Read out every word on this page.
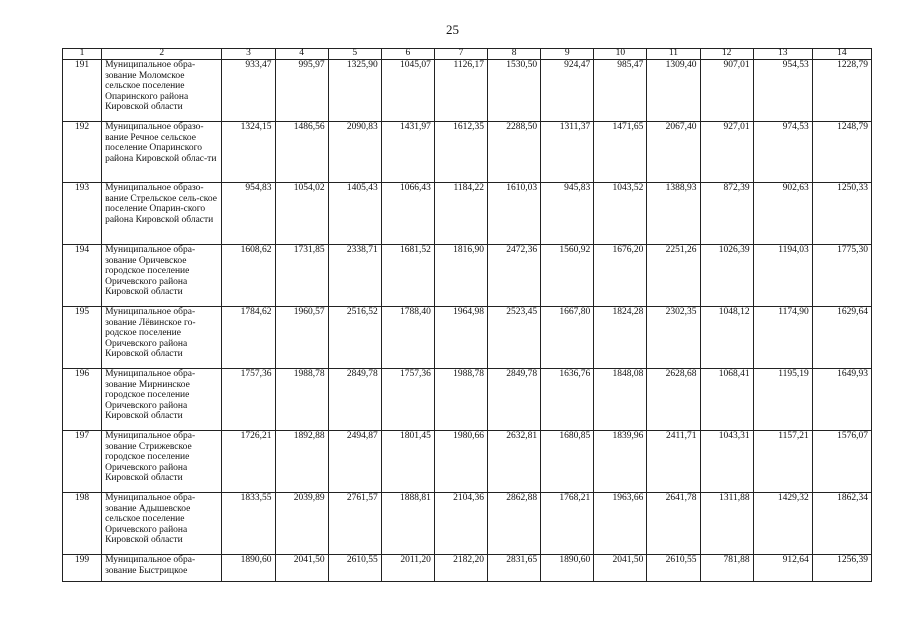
25
1	2	3	4	5	6	7	8	9	10	11	12	13	14
191	Муниципальное обра-зование Моломское сельское поселение Опаринского района Кировской области	933,47	995,97	1325,90	1045,07	1126,17	1530,50	924,47	985,47	1309,40	907,01	954,53	1228,79
192	Муниципальное образо-вание Речное сельское поселение Опаринского района Кировской облас-ти	1324,15	1486,56	2090,83	1431,97	1612,35	2288,50	1311,37	1471,65	2067,40	927,01	974,53	1248,79
193	Муниципальное образо-вание Стрельское сель-ское поселение Опарин-ского района Кировской области	954,83	1054,02	1405,43	1066,43	1184,22	1610,03	945,83	1043,52	1388,93	872,39	902,63	1250,33
194	Муниципальное обра-зование Оричевское городское поселение Оричевского района Кировской области	1608,62	1731,85	2338,71	1681,52	1816,90	2472,36	1560,92	1676,20	2251,26	1026,39	1194,03	1775,30
195	Муниципальное обра-зование Лёвинское го-родское поселение Оричевского района Кировской области	1784,62	1960,57	2516,52	1788,40	1964,98	2523,45	1667,80	1824,28	2302,35	1048,12	1174,90	1629,64
196	Муниципальное обра-зование Мирнинское городское поселение Оричевского района Кировской области	1757,36	1988,78	2849,78	1757,36	1988,78	2849,78	1636,76	1848,08	2628,68	1068,41	1195,19	1649,93
197	Муниципальное обра-зование Стрижевское городское поселение Оричевского района Кировской области	1726,21	1892,88	2494,87	1801,45	1980,66	2632,81	1680,85	1839,96	2411,71	1043,31	1157,21	1576,07
198	Муниципальное обра-зование Адышевское сельское поселение Оричевского района Кировской области	1833,55	2039,89	2761,57	1888,81	2104,36	2862,88	1768,21	1963,66	2641,78	1311,88	1429,32	1862,34
199	Муниципальное обра-зование Быстрицкое	1890,60	2041,50	2610,55	2011,20	2182,20	2831,65	1890,60	2041,50	2610,55	781,88	912,64	1256,39
